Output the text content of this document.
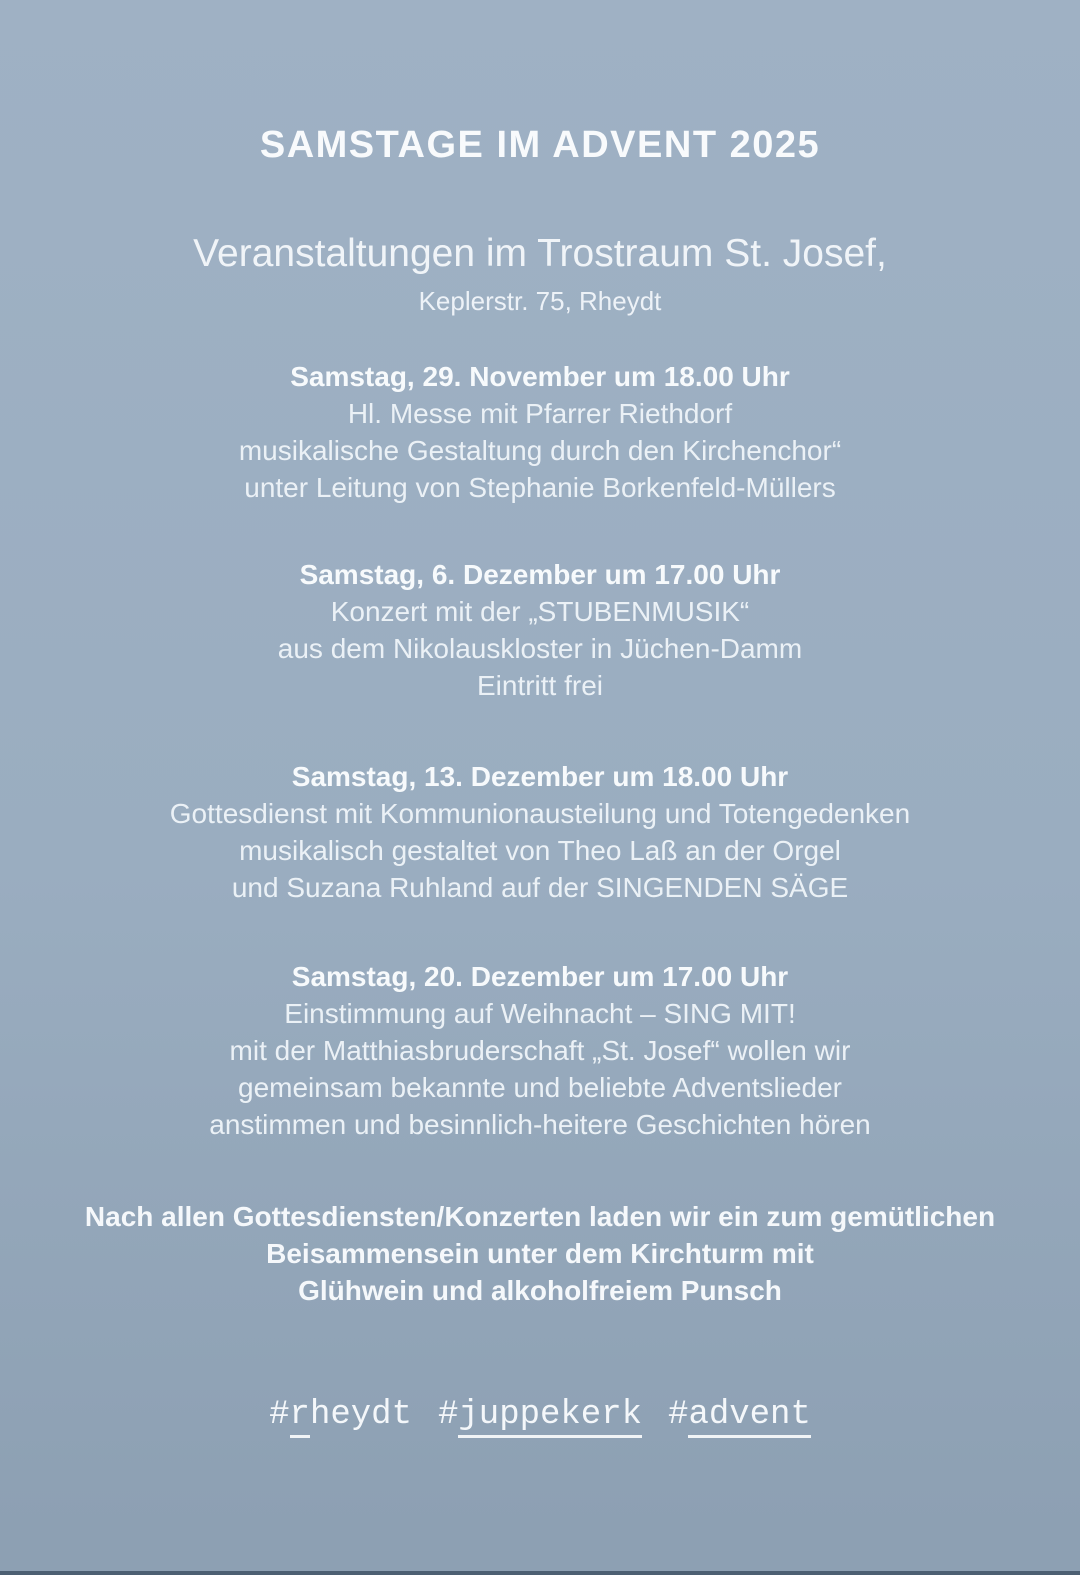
SAMSTAGE IM ADVENT 2025
Veranstaltungen im Trostraum St. Josef,
Keplerstr. 75, Rheydt
Samstag, 29. November um 18.00 Uhr
Hl. Messe mit Pfarrer Riethdorf
musikalische Gestaltung durch den Kirchenchor“
unter Leitung von Stephanie Borkenfeld-Müllers
Samstag, 6. Dezember um 17.00 Uhr
Konzert mit der „STUBENMUSIK“
aus dem Nikolauskloster in Jüchen-Damm
Eintritt frei
Samstag, 13. Dezember um 18.00 Uhr
Gottesdienst mit Kommunionausteilung und Totengedenken
musikalisch gestaltet von Theo Laß an der Orgel
und Suzana Ruhland auf der SINGENDEN SÄGE
Samstag, 20. Dezember um 17.00 Uhr
Einstimmung auf Weihnacht – SING MIT!
mit der Matthiasbruderschaft „St. Josef“ wollen wir
gemeinsam bekannte und beliebte Adventslieder
anstimmen und besinnlich-heitere Geschichten hören
Nach allen Gottesdiensten/Konzerten laden wir ein zum gemütlichen
Beisammensein unter dem Kirchturm mit
Glühwein und alkoholfreiem Punsch
#rheydt #juppekerk #advent
